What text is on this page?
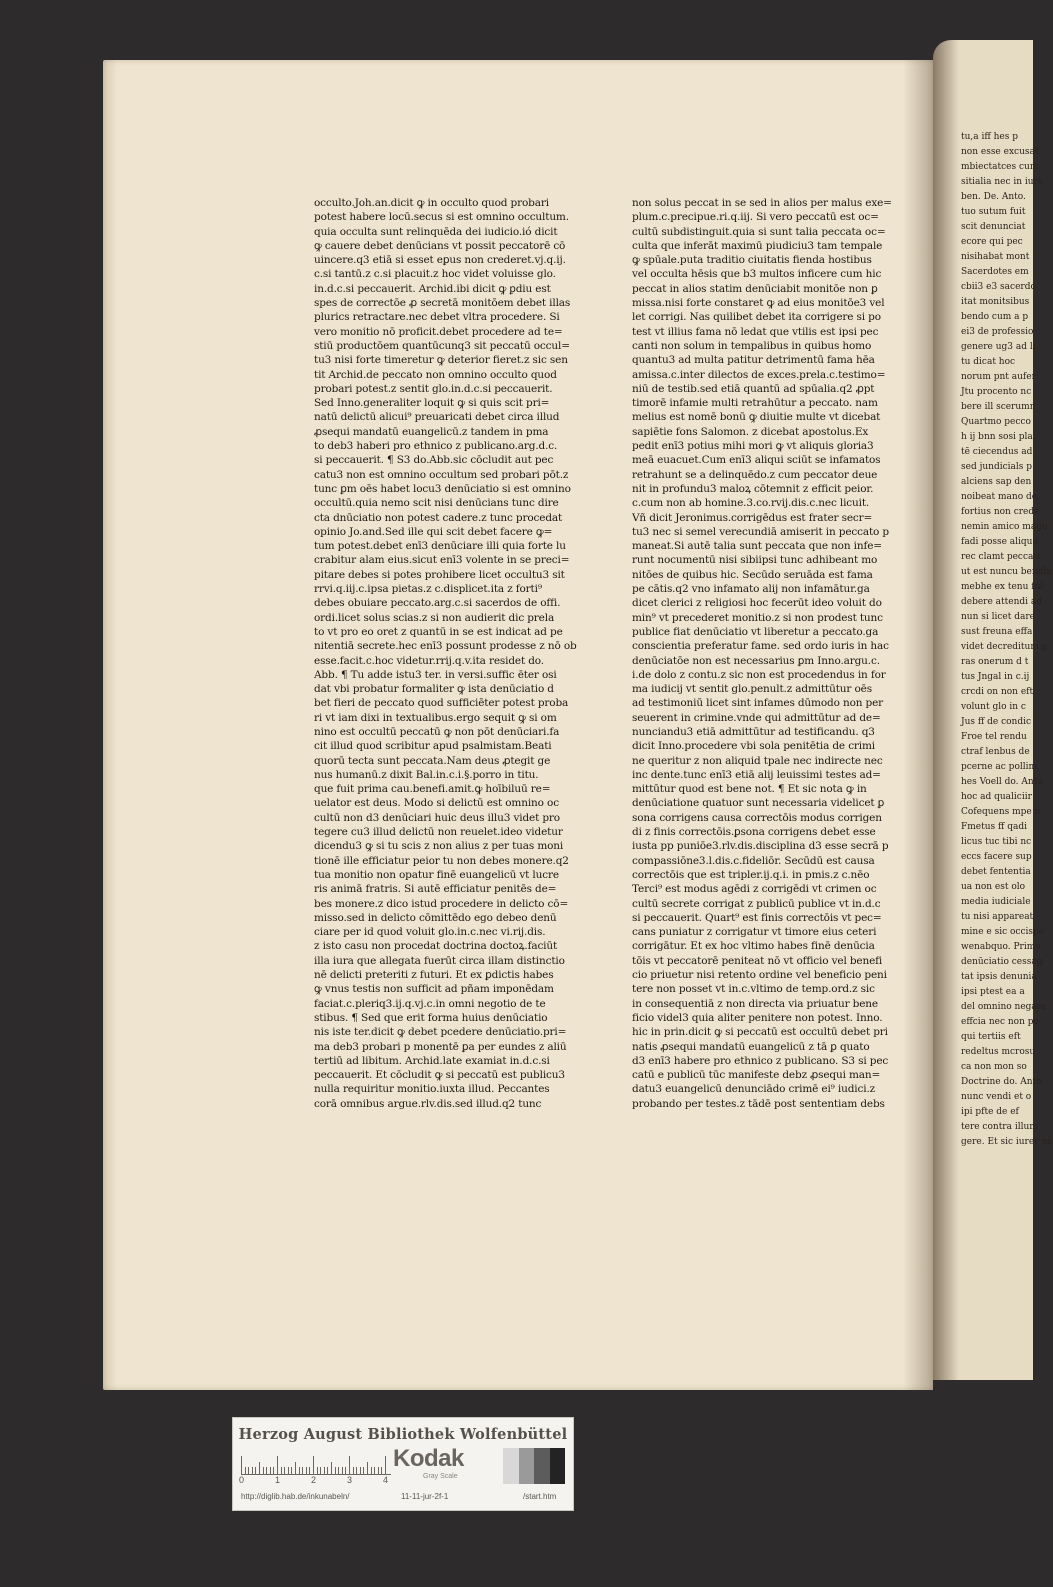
tu,a iff hes p
non esse excusat
mbiectatces cum
sitialia nec in iure
ben. De. Anto.
tuo sutum fuit
scit denunciat
ecore qui pec
nisihabat mont
Sacerdotes em
cbii3 e3 sacerdo
itat monitsibus
bendo cum a p
ei3 de professio
genere ug3 ad li
tu dicat hoc
norum pnt aufer
Jtu procento nc
bere ill scerumn
Quartmo pecco
h ij bnn sosi pla
tē ciecendus ad
sed jundicials p
alciens sap den
noibeat mano de
fortius non crede
nemin amico magu
fadi posse aliquo
rec clamt peccati
ut est nuncu benifin
mebhe ex tenu ful
debere attendi ad
nun si licet dare
sust freuna effa
videt decreditum g
ras onerum d t
tus Jngal in c.ij
crcdi on non eft
volunt glo in c
Jus ff de condic
Froe tel rendu
ctraf lenbus de
pcerne ac pollim
hes Voell do. Anto.
hoc ad qualiciir
Cofequens mpe n
Fmetus ff qadi
licus tuc tibi nc
eccs facere sup
debet fententia
ua non est olo
media iudiciale
tu nisi appareat
mine e sic occispe
wenabquo. Primo
denūciatio cessag
tat ipsis denunia
ipsi ptest ea a
del omnino negare
effcia nec non po
qui tertiis eft
redeltus mcrosu
ca non mon so
Doctrine do. Anto.
nunc vendi et o
ipi pfte de ef
tere contra illum
gere. Et sic iurer no
occulto.Joh.an.dicit ꝙ in occulto quod probari
potest habere locū.secus si est omnino occultum.
quia occulta sunt relinquēda dei iudicio.ió dicit
ꝙ cauere debet denūcians vt possit peccatorē cō
uincere.q3 etiā si esset eꝑus non crederet.vj.q.ij.
c.si tantū.z c.si placuit.z hoc videt voluisse glo.
in.d.c.si peccauerit. Archid.ibi dicit ꝙ ꝑdiu est
spes de correctōe ꝓ secretā monitōem debet illas
plurics retractare.nec debet vltra procedere. Si
vero monitio nō proficit.debet procedere ad te=
stiū productōem quantūcunq3 sit peccatū occul=
tu3 nisi forte timeretur ꝙ deterior fieret.z sic sen
tit Archid.de peccato non omnino occulto quod
probari potest.z sentit glo.in.d.c.si peccauerit.
Sed Inno.generaliter loquit ꝙ si quis scit pri=
natū delictū alicui⁹ preuaricati debet circa illud
ꝓsequi mandatū euangelicū.z tandem in pma
to deb3 haberi pro ethnico z publicano.arg.d.c.
si peccauerit. ¶ S3 do.Abb.sic cōcludit aut pec
catu3 non est omnino occultum sed probari pōt.z
tunc ꝑm oēs habet locu3 denūciatio si est omnino
occultū.quia nemo scit nisi denūcians tunc dire
cta dnūciatio non potest cadere.z tunc procedat
opinio Jo.and.Sed ille qui scit debet facere ꝙ=
tum potest.debet enī3 denūciare illi quia forte lu
crabitur alam eius.sicut enī3 volente in se preci=
pitare debes si potes prohibere licet occultu3 sit
rrvi.q.iij.c.ipsa pietas.z c.displicet.ita z forti⁹
debes obuiare peccato.arg.c.si sacerdos de offi.
ordi.licet solus scias.z si non audierit dic prela
to vt pro eo oret z quantū in se est indicat ad pe
nitentiā secrete.hec enī3 possunt prodesse z nō ob
esse.facit.c.hoc videtur.rrij.q.v.ita residet do.
Abb. ¶ Tu adde istu3 ter. in versi.suffic ēter osi
dat vbi probatur formaliter ꝙ ista denūciatio d
bet fieri de peccato quod sufficiēter potest proba
ri vt iam dixi in textualibus.ergo sequit ꝙ si om
nino est occultū peccatū ꝙ non pōt denūciari.fa
cit illud quod scribitur apud psalmistam.Beati
quorū tecta sunt peccata.Nam deus ꝓtegit ge
nus humanū.z dixit Bal.in.c.i.§.porro in titu.
que fuit prima cau.benefi.amit.ꝙ hoībiluū re=
uelator est deus. Modo si delictū est omnino oc
cultū non d3 denūciari huic deus illu3 videt pro
tegere cu3 illud delictū non reuelet.ideo videtur
dicendu3 ꝙ si tu scis z non alius z per tuas moni
tionē ille efficiatur peior tu non debes monere.q2
tua monitio non opatur finē euangelicū vt lucre
ris animā fratris. Si autē efficiatur penitēs de=
bes monere.z dico istud procedere in delicto cō=
misso.sed in delicto cōmittēdo ego debeo denū
ciare per id quod voluit glo.in.c.nec vi.rij.dis.
z isto casu non procedat doctrina doctoꝝ.faciūt
illa iura que allegata fuerūt circa illam distinctio
nē delicti preteriti z futuri. Et ex ꝑdictis habes
ꝙ vnus testis non sufficit ad pñam imponēdam
faciat.c.pleriq3.ij.q.vj.c.in omni negotio de te
stibus. ¶ Sed que erit forma huius denūciatio
nis iste ter.dicit ꝙ debet pcedere denūciatio.pri=
ma deb3 probari p monentē ꝑa per eundes z aliū
tertiū ad libitum. Archid.late examiat in.d.c.si
peccauerit. Et cōcludit ꝙ si peccatū est publicu3
nulla requiritur monitio.iuxta illud. Peccantes
corā omnibus argue.rlv.dis.sed illud.q2 tunc
non solus peccat in se sed in alios per malus exe=
plum.c.precipue.ri.q.iij. Si vero peccatū est oc=
cultū subdistinguit.quia si sunt talia peccata oc=
culta que inferāt maximū piudiciu3 tam tempale
ꝙ spūale.puta traditio ciuitatis fienda hostibus
vel occulta hēsis que b3 multos inficere cum hic
peccat in alios statim denūciabit monitōe non ꝑ
missa.nisi forte constaret ꝙ ad eius monitōe3 vel
let corrigi. Nas quilibet debet ita corrigere si po
test vt illius fama nō ledat que vtilis est ipsi pec
canti non solum in tempalibus in quibus homo
quantu3 ad multa patitur detrimentū fama hēa
amissa.c.inter dilectos de exces.prela.c.testimo=
niū de testib.sed etiā quantū ad spūalia.q2 ꝓpt
timorē infamie multi retrahūtur a peccato. nam
melius est nomē bonū ꝙ diuitie multe vt dicebat
sapiētie fons Salomon. z dicebat apostolus.Ex
pedit enī3 potius mihi mori ꝙ vt aliquis gloria3
meā euacuet.Cum enī3 aliqui sciūt se infamatos
retrahunt se a delinquēdo.z cum peccator deue
nit in profundu3 maloꝝ cōtemnit z efficit peior.
c.cum non ab homine.3.co.rvij.dis.c.nec licuit.
Vñ dicit Jeronimus.corrigēdus est frater secr=
tu3 nec si semel verecundiā amiserit in peccato p
maneat.Si autē talia sunt peccata que non infe=
runt nocumentū nisi sibiipsi tunc adhibeant mo
nitōes de quibus hic. Secūdo seruāda est fama
pe cātis.q2 vno infamato alij non infamātur.ga
dicet clerici z religiosi hoc fecerūt ideo voluit do
min⁹ vt precederet monitio.z si non prodest tunc
publice fiat denūciatio vt liberetur a peccato.ga
conscientia preferatur fame. sed ordo iuris in hac
denūciatōe non est necessarius ꝑm Inno.argu.c.
i.de dolo z contu.z sic non est procedendus in for
ma iudicij vt sentit glo.penult.z admittūtur oēs
ad testimoniū licet sint infames dūmodo non per
seuerent in crimine.vnde qui admittūtur ad de=
nunciandu3 etiā admittūtur ad testificandu. q3
dicit Inno.procedere vbi sola penitētia de crimi
ne queritur z non aliquid tpale nec indirecte nec
inc dente.tunc enī3 etiā alij leuissimi testes ad=
mittūtur quod est bene not. ¶ Et sic nota ꝙ in
denūciatione quatuor sunt necessaria videlicet ꝑ
sona corrigens causa correctōis modus corrigen
di z finis correctōis.ꝑsona corrigens debet esse
iusta pp puniōe3.rlv.dis.disciplina d3 esse secrā p
compassiōne3.l.dis.c.fideliōr. Secūdū est causa
correctōis que est tripler.ij.q.i. in pmis.z c.nēo
Terci⁹ est modus agēdi z corrigēdi vt crimen oc
cultū secrete corrigat z publicū publice vt in.d.c
si peccauerit. Quart⁹ est finis correctōis vt pec=
cans puniatur z corrigatur vt timore eius ceteri
corrigātur. Et ex hoc vltimo habes finē denūcia
tōis vt peccatorē peniteat nō vt officio vel benefi
cio priuetur nisi retento ordine vel beneficio peni
tere non posset vt in.c.vltimo de temp.ord.z sic
in consequentiā z non directa via priuatur bene
ficio videl3 quia aliter penitere non potest. Inno.
hic in prin.dicit ꝙ si peccatū est occultū debet pri
natis ꝓsequi mandatū euangelicū z tā ꝑ quato
d3 enī3 habere pro ethnico z publicano. S3 si pec
catū e publicū tūc manifeste debz ꝓsequi man=
datu3 euangelicū denunciādo crimē ei⁹ iudici.z
probando per testes.z tādē post sententiam debs
Herzog August Bibliothek Wolfenbüttel
0	1	2	3	4
Kodak
Gray Scale
http://diglib.hab.de/inkunabeln/	11-11-jur-2f-1	/start.htm
